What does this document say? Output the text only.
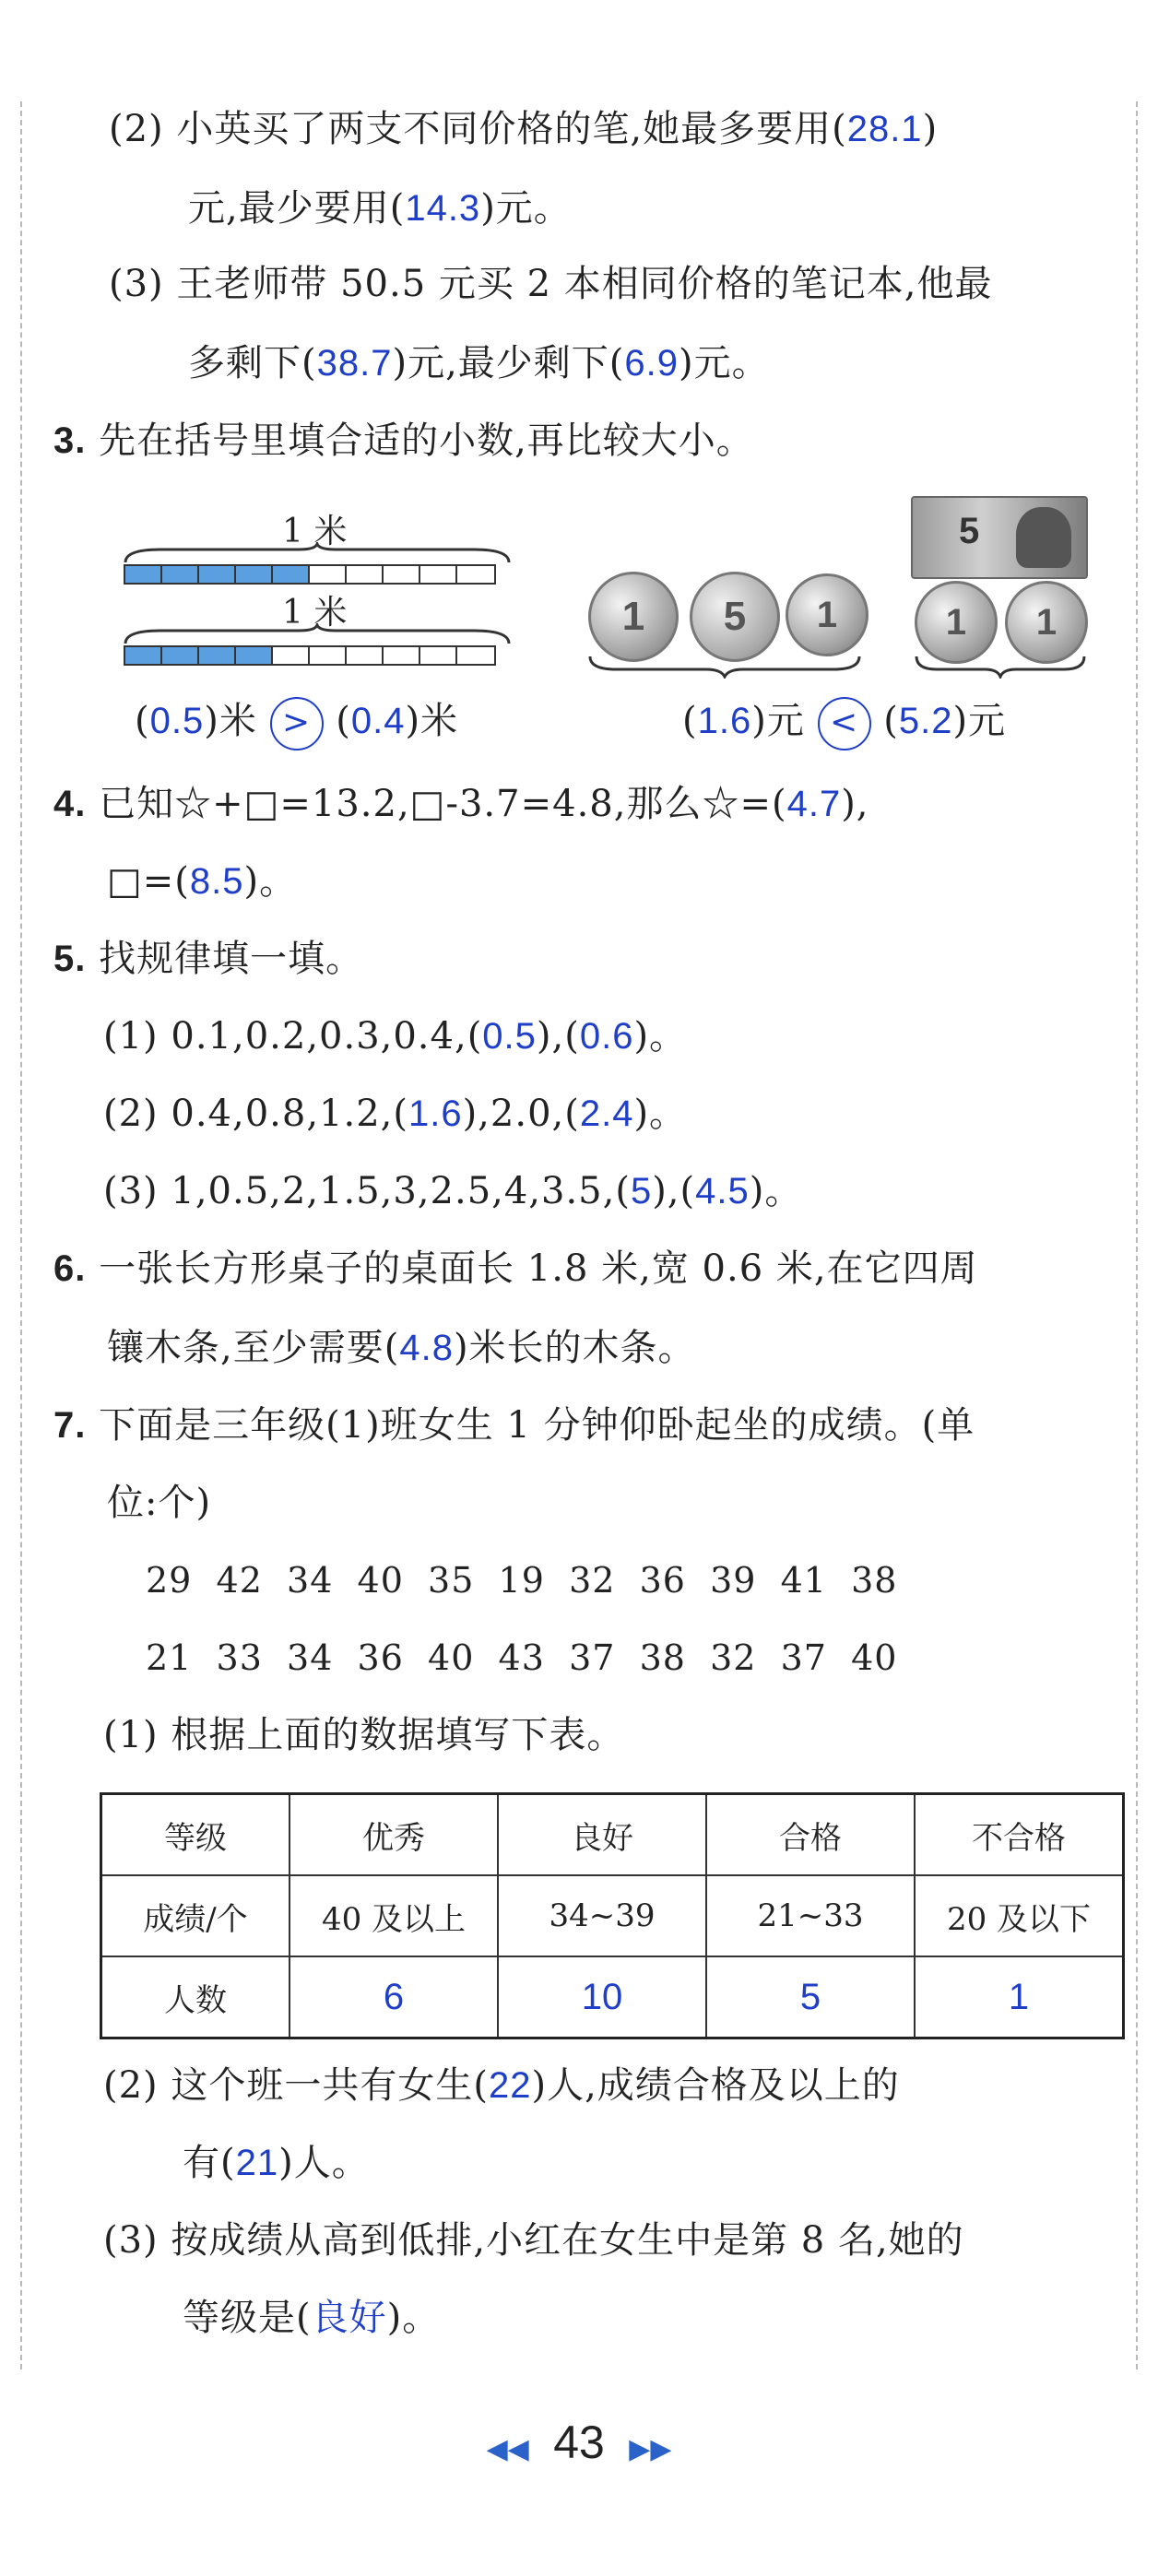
(2) 小英买了两支不同价格的笔,她最多要用(28.1)
元,最少要用(14.3)元。
(3) 王老师带 50.5 元买 2 本相同价格的笔记本,他最
多剩下(38.7)元,最少剩下(6.9)元。
3. 先在括号里填合适的小数,再比较大小。
1 米
1 米
(0.5)米 > (0.4)米
1	5	1
5
1	1
(1.6)元 < (5.2)元
4. 已知☆+□=13.2,□-3.7=4.8,那么☆=(4.7),
□=(8.5)。
5. 找规律填一填。
(1) 0.1,0.2,0.3,0.4,(0.5),(0.6)。
(2) 0.4,0.8,1.2,(1.6),2.0,(2.4)。
(3) 1,0.5,2,1.5,3,2.5,4,3.5,(5),(4.5)。
6. 一张长方形桌子的桌面长 1.8 米,宽 0.6 米,在它四周
镶木条,至少需要(4.8)米长的木条。
7. 下面是三年级(1)班女生 1 分钟仰卧起坐的成绩。(单
位:个)
29  42  34  40  35  19  32  36  39  41  38
21  33  34  36  40  43  37  38  32  37  40
(1) 根据上面的数据填写下表。
等级	优秀	良好	合格	不合格
成绩/个	40 及以上	34~39	21~33	20 及以下
人数	6	10	5	1
(2) 这个班一共有女生(22)人,成绩合格及以上的
有(21)人。
(3) 按成绩从高到低排,小红在女生中是第 8 名,她的
等级是(良好)。
◀◀ 43 ▶▶
